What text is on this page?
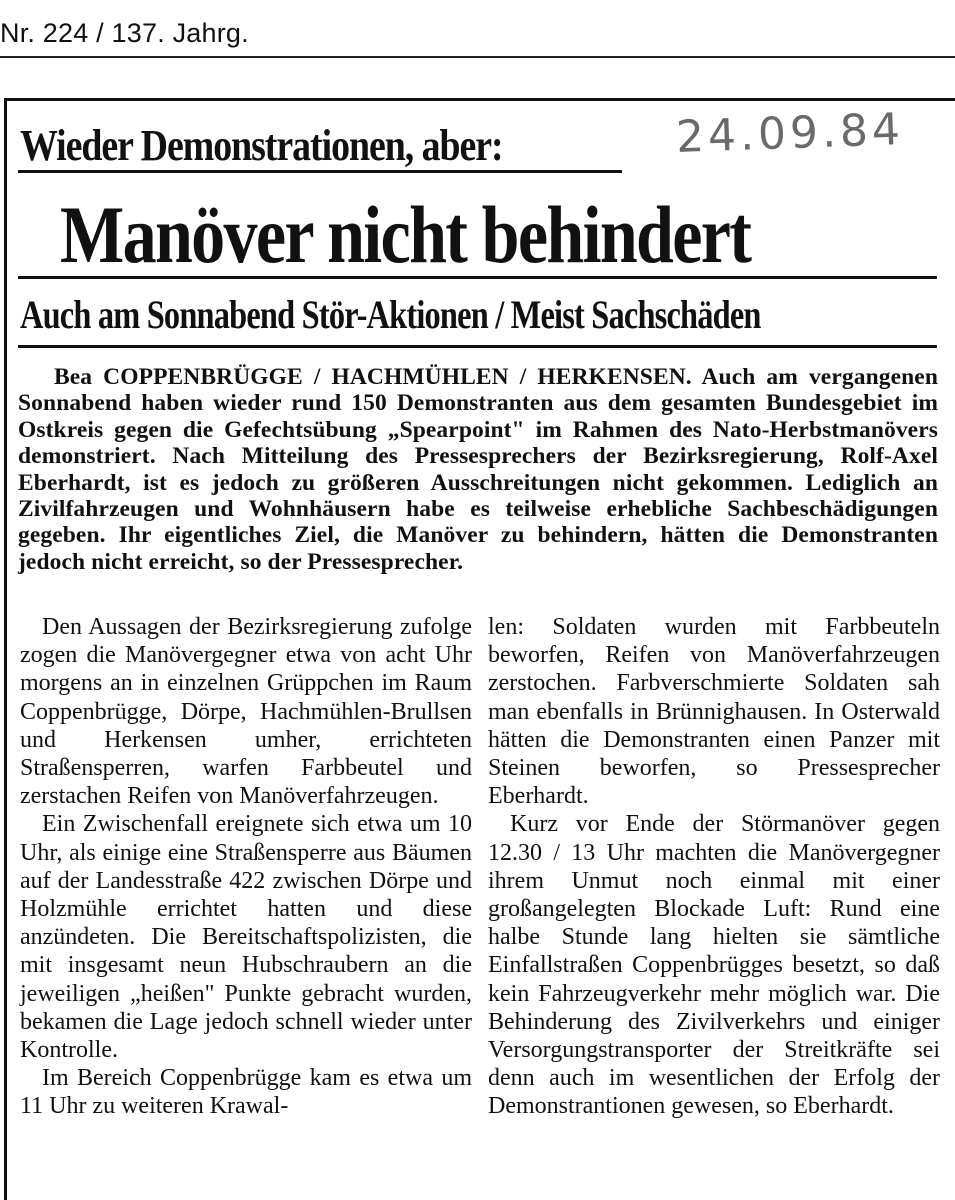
Nr. 224 / 137. Jahrg.
Wieder Demonstrationen, aber:	24.09.84
Manöver nicht behindert
Auch am Sonnabend Stör-Aktionen / Meist Sachschäden
Bea COPPENBRÜGGE / HACHMÜHLEN / HERKENSEN. Auch am vergangenen Sonnabend haben wieder rund 150 Demonstranten aus dem gesamten Bundesgebiet im Ostkreis gegen die Gefechtsübung „Spearpoint" im Rahmen des Nato-Herbstmanövers demonstriert. Nach Mitteilung des Pressesprechers der Bezirksregierung, Rolf-Axel Eberhardt, ist es jedoch zu größeren Ausschreitungen nicht gekommen. Lediglich an Zivilfahrzeugen und Wohnhäusern habe es teilweise erhebliche Sachbeschädigungen gegeben. Ihr eigentliches Ziel, die Manöver zu behindern, hätten die Demonstranten jedoch nicht erreicht, so der Pressesprecher.

Den Aussagen der Bezirksregierung zufolge zogen die Manövergegner etwa von acht Uhr morgens an in einzelnen Grüppchen im Raum Coppenbrügge, Dörpe, Hachmühlen-Brullsen und Herkensen umher, errichteten Straßensperren, warfen Farbbeutel und zerstachen Reifen von Manöverfahrzeugen.

Ein Zwischenfall ereignete sich etwa um 10 Uhr, als einige eine Straßensperre aus Bäumen auf der Landesstraße 422 zwischen Dörpe und Holzmühle errichtet hatten und diese anzündeten. Die Bereitschaftspolizisten, die mit insgesamt neun Hubschraubern an die jeweiligen „heißen" Punkte gebracht wurden, bekamen die Lage jedoch schnell wieder unter Kontrolle.

Im Bereich Coppenbrügge kam es etwa um 11 Uhr zu weiteren Krawal-

len: Soldaten wurden mit Farbbeuteln beworfen, Reifen von Manöverfahrzeugen zerstochen. Farbverschmierte Soldaten sah man ebenfalls in Brünnighausen. In Osterwald hätten die Demonstranten einen Panzer mit Steinen beworfen, so Pressesprecher Eberhardt.

Kurz vor Ende der Störmanöver gegen 12.30 / 13 Uhr machten die Manövergegner ihrem Unmut noch einmal mit einer großangelegten Blockade Luft: Rund eine halbe Stunde lang hielten sie sämtliche Einfallstraßen Coppenbrügges besetzt, so daß kein Fahrzeugverkehr mehr möglich war. Die Behinderung des Zivilverkehrs und einiger Versorgungstransporter der Streitkräfte sei denn auch im wesentlichen der Erfolg der Demonstrantionen gewesen, so Eberhardt.
